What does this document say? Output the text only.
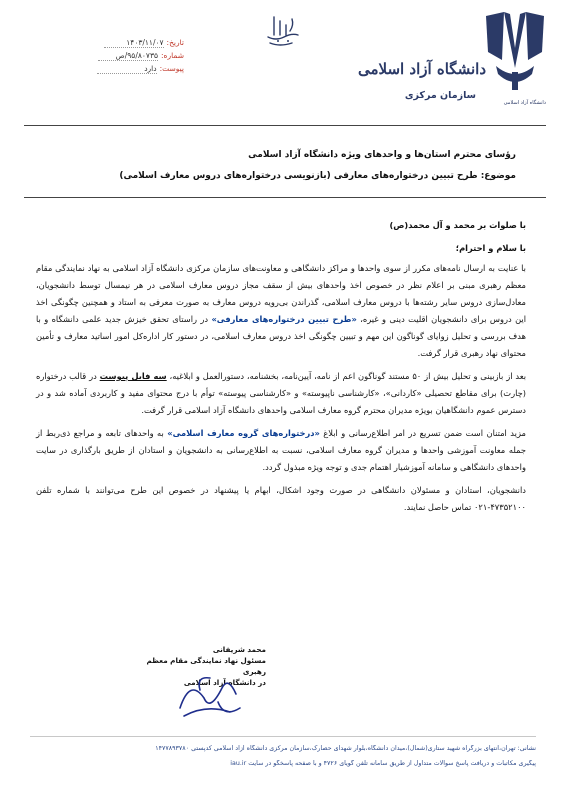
تاریخ:
۱۴۰۳/۱۱/۰۷
شماره:
۹۵/۸۰۷۳۵/ص
پیوست:
دارد	دانشگاه آزاد اسلامی
سازمان مرکزی
دانشگاه آزاد اسلامی
رؤسای محترم استان‌ها و واحدهای ویژه دانشگاه آزاد اسلامی
موضوع: طرح تبیین درختواره‌های معارفی (بازنویسی درختواره‌های دروس معارف اسلامی)

با صلوات بر محمد و آل محمد(ص)

با سلام و احترام؛

با عنایت به ارسال نامه‌های مکرر از سوی واحدها و مراکز دانشگاهی و معاونت‌های سازمان مرکزی دانشگاه آزاد اسلامی به نهاد نمایندگی مقام معظم رهبری مبنی بر اعلام نظر در خصوص اخذ واحدهای بیش از سقف مجاز دروس معارف اسلامی در هر نیمسال توسط دانشجویان، معادل‌سازی دروس سایر رشته‌ها با دروس معارف اسلامی، گذراندن بی‌رویه دروس معارف به صورت معرفی به استاد و همچنین چگونگی اخذ این دروس برای دانشجویان اقلیت دینی و غیره، «طرح تبیین درختواره‌های معارفی» در راستای تحقق خیزش جدید علمی دانشگاه و با هدف بررسی و تحلیل زوایای گوناگون این مهم و تبیین چگونگی اخذ دروس معارف اسلامی، در دستور کار اداره‌کل امور اساتید معارف و تأمین محتوای نهاد رهبری قرار گرفت.

بعد از بازبینی و تحلیل بیش از ۵۰ مستند گوناگون اعم از نامه، آیین‌نامه، بخشنامه، دستورالعمل و ابلاغیه، سه فایل پیوست در قالب درختواره (چارت) برای مقاطع تحصیلی «کاردانی»، «کارشناسی ناپیوسته» و «کارشناسی پیوسته» توأم با درج محتوای مفید و کاربردی آماده شد و در دسترس عموم دانشگاهیان بویژه مدیران محترم گروه معارف اسلامی واحدهای دانشگاه آزاد اسلامی قرار گرفت.

مزید امتنان است ضمن تسریع در امر اطلاع‌رسانی و ابلاغ «درختواره‌های گروه معارف اسلامی» به واحدهای تابعه و مراجع ذی‌ربط از جمله معاونت آموزشی واحدها و مدیران گروه معارف اسلامی، نسبت به اطلاع‌رسانی به دانشجویان و استادان از طریق بارگذاری در سایت واحدهای دانشگاهی و سامانه آموزشیار اهتمام جدی و توجه ویژه مبذول گردد.

دانشجویان، استادان و مسئولان دانشگاهی در صورت وجود اشکال، ابهام یا پیشنهاد در خصوص این طرح می‌توانند با شماره تلفن ۴۷۳۵۲۱۰۰-۰۲۱ تماس حاصل نمایند.

محمد شریفانی
مسئول نهاد نمایندگی مقام معظم رهبری
در دانشگاه آزاد اسلامی
نشانی: تهران،انتهای بزرگراه شهید ستاری(شمال)،میدان دانشگاه،بلوار شهدای حصارک،سازمان مرکزی دانشگاه آزاد اسلامی کدپستی ۱۴۷۷۸۹۳۷۸۰
پیگیری مکاتبات و دریافت پاسخ سوالات متداول از طریق سامانه تلفن گویای ۴۷۲۶ و با صفحه پاسخگو در سایت iau.ir
